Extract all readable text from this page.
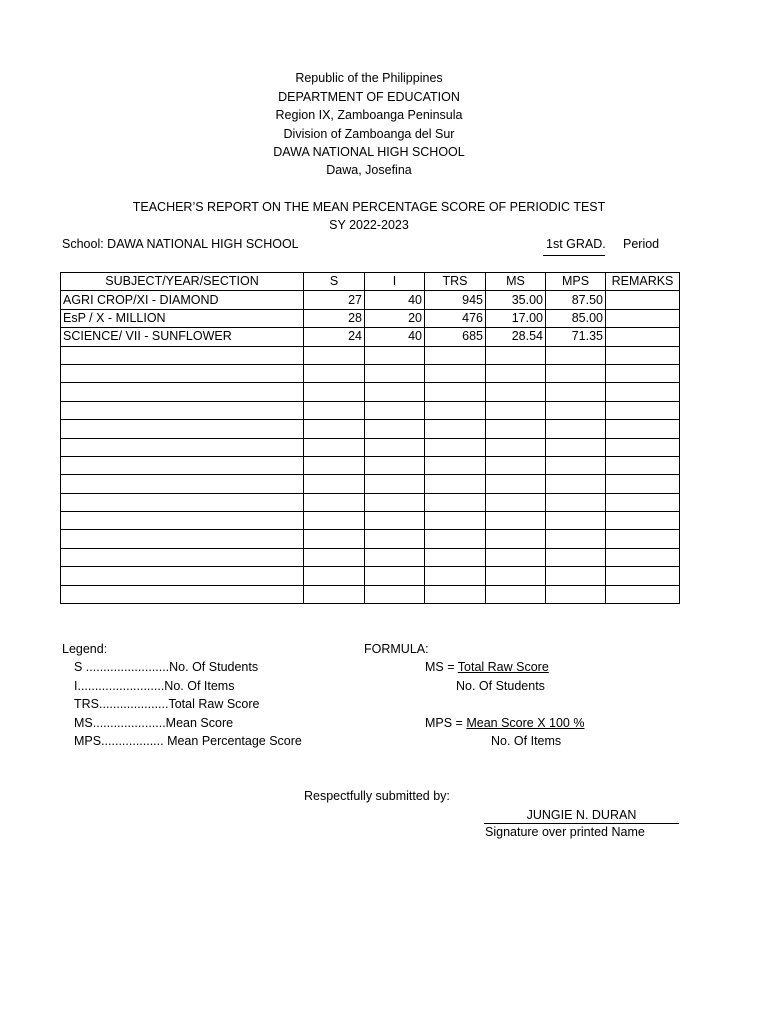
Republic of the Philippines
DEPARTMENT OF EDUCATION
Region IX, Zamboanga Peninsula
Division of Zamboanga del Sur
DAWA NATIONAL HIGH SCHOOL
Dawa, Josefina
TEACHER’S REPORT ON THE MEAN PERCENTAGE SCORE OF PERIODIC TEST
SY 2022-2023
School: DAWA NATIONAL HIGH SCHOOL	1st GRAD. Period
SUBJECT/YEAR/SECTION	S	I	TRS	MS	MPS	REMARKS
AGRI CROP/XI - DIAMOND	27	40	945	35.00	87.50	
EsP / X - MILLION	28	20	476	17.00	85.00	
SCIENCE/ VII - SUNFLOWER	24	40	685	28.54	71.35	

Legend:
S ........................No. Of Students
I.........................No. Of Items
TRS....................Total Raw Score
MS.....................Mean Score
MPS.................. Mean Percentage Score
FORMULA:
MS = Total Raw Score
No. Of Students
MPS = Mean Score X 100 %
No. Of Items
Respectfully submitted by:
JUNGIE N. DURAN
Signature over printed Name
